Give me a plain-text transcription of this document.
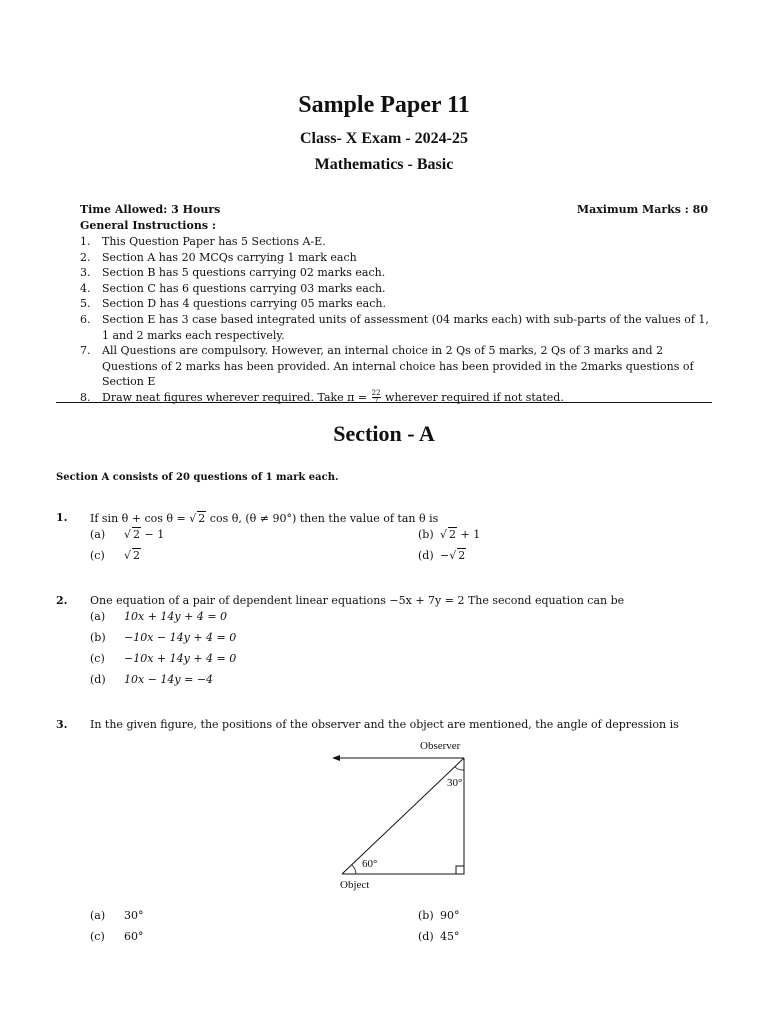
Sample Paper 11
Class- X Exam - 2024-25
Mathematics - Basic
Time Allowed: 3 Hours	Maximum Marks : 80
General Instructions :
1. This Question Paper has 5 Sections A-E.
2. Section A has 20 MCQs carrying 1 mark each
3. Section B has 5 questions carrying 02 marks each.
4. Section C has 6 questions carrying 03 marks each.
5. Section D has 4 questions carrying 05 marks each.
6. Section E has 3 case based integrated units of assessment (04 marks each) with sub-parts of the values of 1, 1 and 2 marks each respectively.
7. All Questions are compulsory. However, an internal choice in 2 Qs of 5 marks, 2 Qs of 3 marks and 2 Questions of 2 marks has been provided. An internal choice has been provided in the 2marks questions of Section E
8. Draw neat figures wherever required. Take $\pi = \frac{22}{7}$ wherever required if not stated.
Section - A
Section A consists of 20 questions of 1 mark each.
1. If sin θ + cos θ = √ 2 cos θ, (θ ≠ 90°) then the value of tan θ is
(a) √ 2 − 1	(b) √ 2 + 1
(c) √ 2	(d) −√ 2
2. One equation of a pair of dependent linear equations −5x + 7y = 2 The second equation can be
(a) 10x + 14y + 4 = 0
(b) −10x − 14y + 4 = 0
(c) −10x + 14y + 4 = 0
(d) 10x − 14y = −4
3. In the given figure, the positions of the observer and the object are mentioned, the angle of depression is
Observer
Object
30°
60°
(a) 30°	(b) 90°
(c) 60°	(d) 45°
